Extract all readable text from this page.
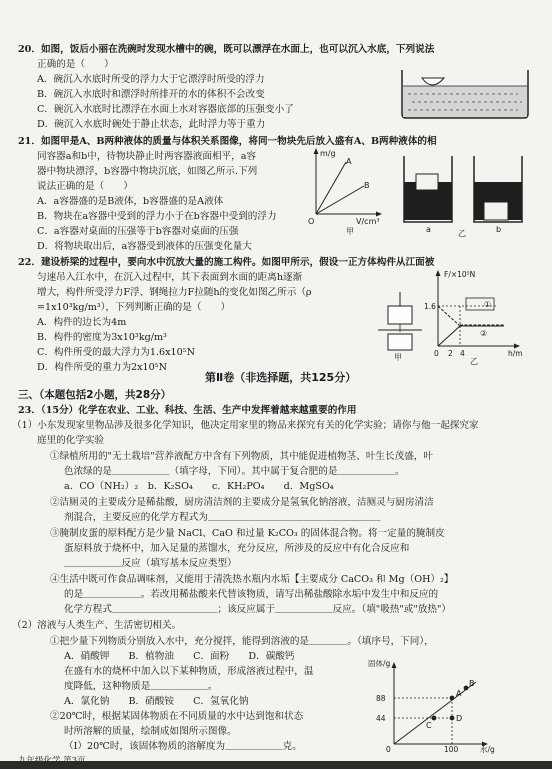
20．如图，饭后小丽在洗碗时发现水槽中的碗，既可以漂浮在水面上，也可以沉入水底，下列说法
正确的是（　　）
A．碗沉入水底时所受的浮力大于它漂浮时所受的浮力
B．碗沉入水底时和漂浮时所排开的水的体积不会改变
C．碗沉入水底时比漂浮在水面上水对容器底部的压强变小了
D．碗沉入水底时碗处于静止状态，此时浮力等于重力
21．如图甲是A、B两种液体的质量与体积关系图像，将同一物块先后放入盛有A、B两种液体的相
同容器a和b中，待物块静止时两容器液面相平，a容
器中物块漂浮，b容器中物块沉底，如图乙所示.下列
说法正确的是（　　）
A．a容器盛的是B液体，b容器盛的是A液体
B．物块在a容器中受到的浮力小于在b容器中受到的浮力
C．a容器对桌面的压强等于b容器对桌面的压强
D．将物块取出后，a容器受到液体的压强变化量大
m/g
V/cm³
O
A
B
甲	a	b
乙
22．建设桥梁的过程中，要向水中沉放大量的施工构件。如图甲所示，假设一正方体构件从江面被
匀速吊入江水中，在沉入过程中，其下表面到水面的距离h逐渐
增大，构件所受浮力F浮、钢绳拉力F拉随h的变化如图乙所示（ρ
=1x10³kg/m³），下列判断正确的是（　　）
A．构件的边长为4m
B．构件的密度为3x10³kg/m³
C．构件所受的最大浮力为1.6x10⁵N
D．构件所受的重力为2x10⁵N
甲
F/×10⁵N
1.6
0 2 4	h/m
①
②
乙
第Ⅱ卷（非选择题，共125分）
三、（本题包括2小题，共28分）
23．（15分）化学在农业、工业、科技、生活、生产中发挥着越来越重要的作用
（1）小东发现家里物品涉及很多化学知识，他决定用家里的物品来探究有关的化学实验；请你与他一起探究家
庭里的化学实验
①绿植所用的"无土栽培"营养液配方中含有下列物质，其中能促进植物茎、叶生长茂盛，叶
色浓绿的是＿＿＿＿＿＿（填字母，下同）。其中属于复合肥的是＿＿＿＿＿＿。
a．CO（NH₂）₂　b．K₂SO₄　　c．KH₂PO₄　　d．MgSO₄
②洁厕灵的主要成分是稀盐酸，厨房清洁剂的主要成分是氢氧化钠溶液，洁厕灵与厨房清洁
剂混合，主要反应的化学方程式为＿＿＿＿＿＿＿＿＿＿＿＿＿＿＿＿＿＿
③腌制皮蛋的原料配方是少量 NaCl、CaO 和过量 K₂CO₃ 的固体混合物。将一定量的腌制皮
蛋原料放于烧杯中，加入足量的蒸馏水，充分反应，所涉及的反应中有化合反应和
＿＿＿＿＿＿反应（填写基本反应类型）
④生活中既可作食品调味剂，又能用于清洗热水瓶内水垢【主要成分 CaCO₃ 和 Mg（OH）₂】
的是＿＿＿＿＿＿。若改用稀盐酸来代替该物质，请写出稀盐酸除水垢中发生中和反应的
化学方程式＿＿＿＿＿＿＿＿＿＿＿；该反应属于＿＿＿＿＿＿反应。（填"吸热"或"放热"）
（2）溶液与人类生产、生活密切相关。
①把少量下列物质分别放入水中，充分搅拌，能得到溶液的是＿＿＿＿。（填序号，下同），
A．硝酸钾　　B．植物油　　C．面粉　　D．碳酸钙
在盛有水的烧杯中加入以下某种物质，形成溶液过程中，温
度降低，这种物质是＿＿＿＿＿＿。
A．氯化钠　　B．硝酸铵　　C．氢氧化钠
②20℃时，根据某固体物质在不同质量的水中达到饱和状态
时所溶解的质量，绘制成如图所示图像。
（Ⅰ）20℃时，该固体物质的溶解度为＿＿＿＿＿＿克。
固体/g
88
44
0	100	水/g
A
B
C
D
